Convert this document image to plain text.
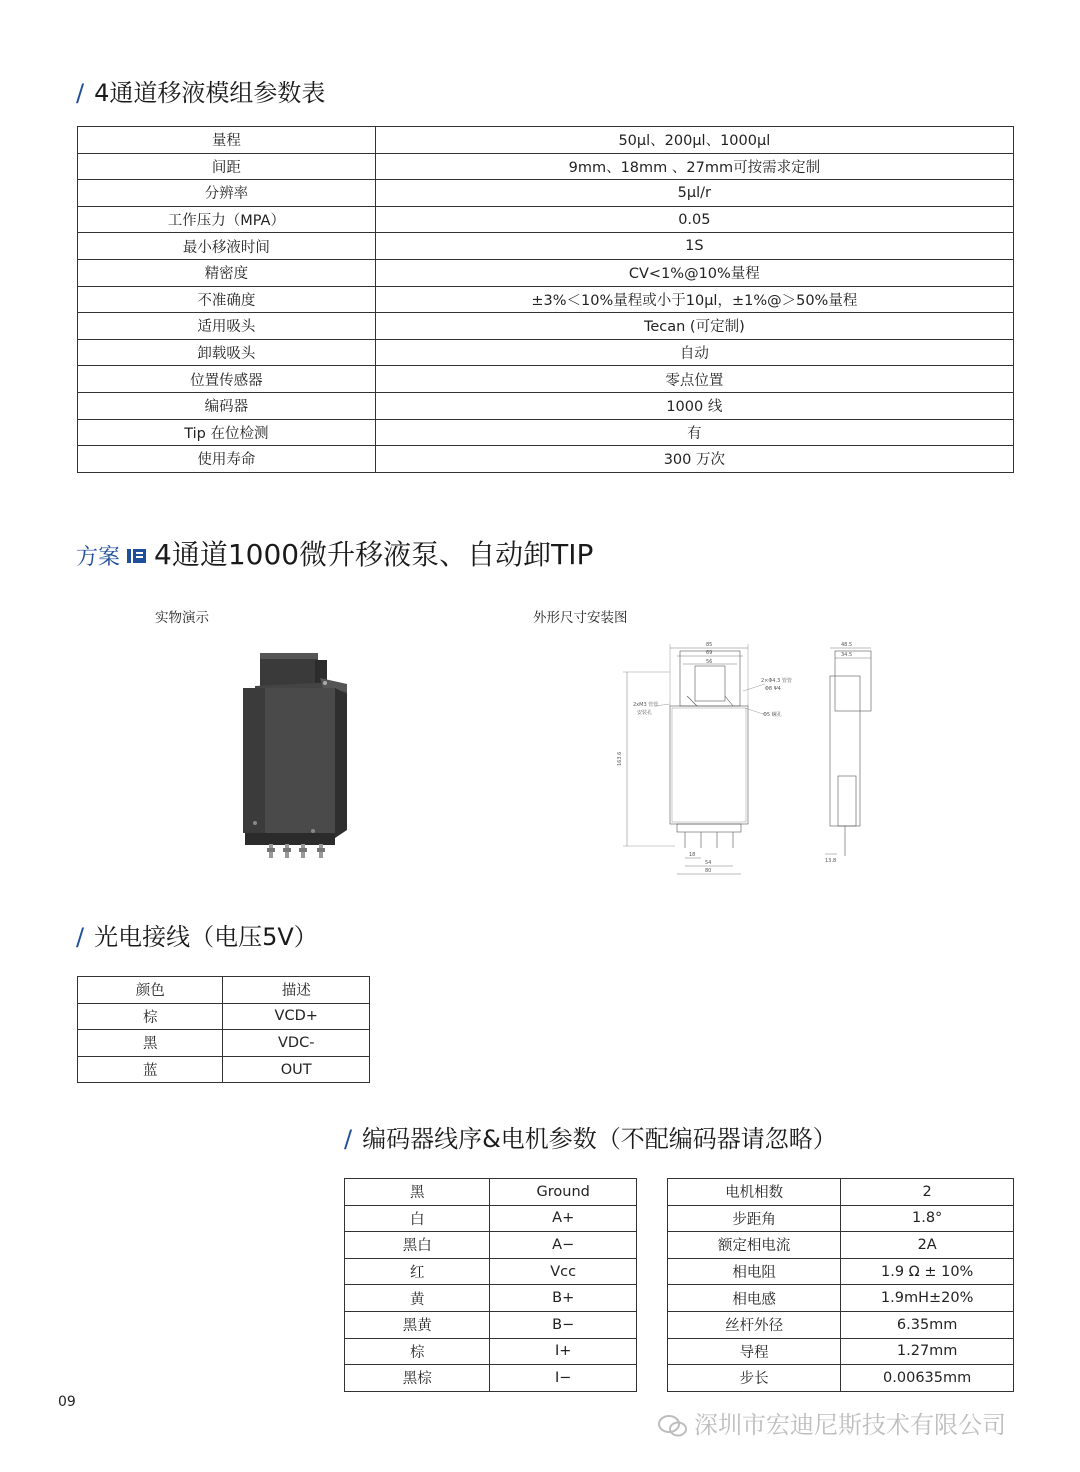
/ 4通道移液模组参数表
量程	50μl、200μl、1000μl
间距	9mm、18mm 、27mm可按需求定制
分辨率	5μl/r
工作压力（MPA）	0.05
最小移液时间	1S
精密度	CV<1%@10%量程
不准确度	±3%＜10%量程或小于10μl，±1%@＞50%量程
适用吸头	Tecan (可定制)
卸载吸头	自动
位置传感器	零点位置
编码器	1000 线
Tip 在位检测	有
使用寿命	300 万次
方案 4通道1000微升移液泵、自动卸TIP
实物演示	外形尺寸安装图
85
69
56
48.5
34.5
163.6
18
54
80
13.8
2×Φ4.3 管管
Φ8 Ψ4
2xM3 管管
安装孔	Φ5 螺孔
/ 光电接线（电压5V）
颜色	描述
棕	VCD+
黑	VDC-
蓝	OUT
/ 编码器线序&电机参数（不配编码器请忽略）
黑	Ground
白	A+
黑白	A−
红	Vcc
黄	B+
黑黄	B−
棕	I+
黑棕	I−
电机相数	2
步距角	1.8°
额定相电流	2A
相电阻	1.9 Ω ± 10%
相电感	1.9mH±20%
丝杆外径	6.35mm
导程	1.27mm
步长	0.00635mm
09
深圳市宏迪尼斯技术有限公司
